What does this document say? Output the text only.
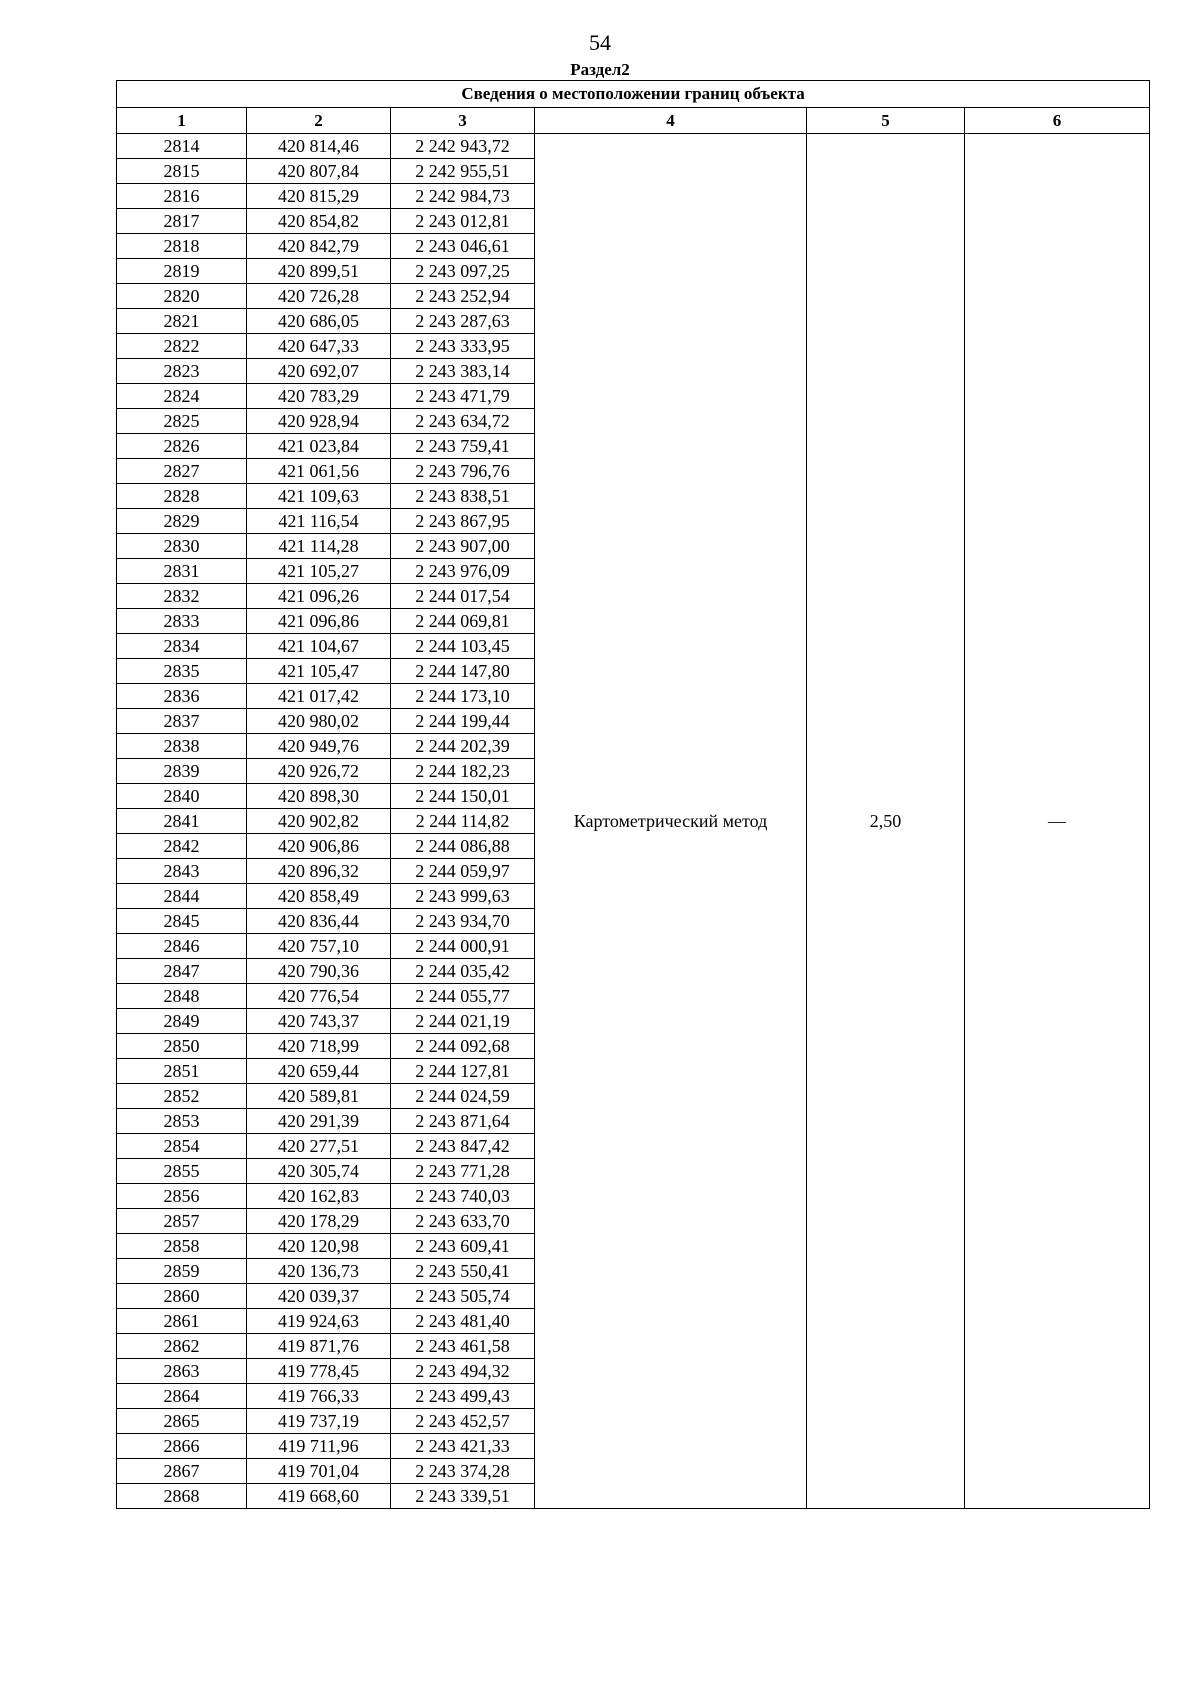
54
Раздел2
Сведения о местоположении границ объекта					
1	2	3	4	5	6
2814	420 814,46	2 242 943,72	Картометрический метод	2,50	—
2815	420 807,84	2 242 955,51			
2816	420 815,29	2 242 984,73			
2817	420 854,82	2 243 012,81			
2818	420 842,79	2 243 046,61			
2819	420 899,51	2 243 097,25			
2820	420 726,28	2 243 252,94			
2821	420 686,05	2 243 287,63			
2822	420 647,33	2 243 333,95			
2823	420 692,07	2 243 383,14			
2824	420 783,29	2 243 471,79			
2825	420 928,94	2 243 634,72			
2826	421 023,84	2 243 759,41			
2827	421 061,56	2 243 796,76			
2828	421 109,63	2 243 838,51			
2829	421 116,54	2 243 867,95			
2830	421 114,28	2 243 907,00			
2831	421 105,27	2 243 976,09			
2832	421 096,26	2 244 017,54			
2833	421 096,86	2 244 069,81			
2834	421 104,67	2 244 103,45			
2835	421 105,47	2 244 147,80			
2836	421 017,42	2 244 173,10			
2837	420 980,02	2 244 199,44			
2838	420 949,76	2 244 202,39			
2839	420 926,72	2 244 182,23			
2840	420 898,30	2 244 150,01			
2841	420 902,82	2 244 114,82			
2842	420 906,86	2 244 086,88			
2843	420 896,32	2 244 059,97			
2844	420 858,49	2 243 999,63			
2845	420 836,44	2 243 934,70			
2846	420 757,10	2 244 000,91			
2847	420 790,36	2 244 035,42			
2848	420 776,54	2 244 055,77			
2849	420 743,37	2 244 021,19			
2850	420 718,99	2 244 092,68			
2851	420 659,44	2 244 127,81			
2852	420 589,81	2 244 024,59			
2853	420 291,39	2 243 871,64			
2854	420 277,51	2 243 847,42			
2855	420 305,74	2 243 771,28			
2856	420 162,83	2 243 740,03			
2857	420 178,29	2 243 633,70			
2858	420 120,98	2 243 609,41			
2859	420 136,73	2 243 550,41			
2860	420 039,37	2 243 505,74			
2861	419 924,63	2 243 481,40			
2862	419 871,76	2 243 461,58			
2863	419 778,45	2 243 494,32			
2864	419 766,33	2 243 499,43			
2865	419 737,19	2 243 452,57			
2866	419 711,96	2 243 421,33			
2867	419 701,04	2 243 374,28			
2868	419 668,60	2 243 339,51			
